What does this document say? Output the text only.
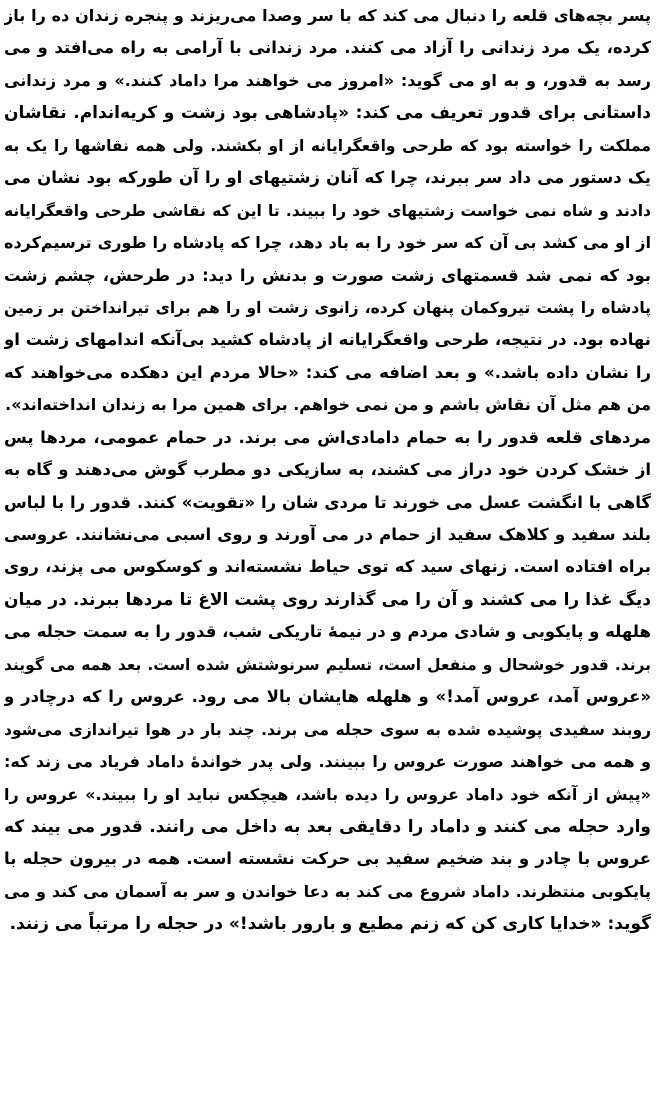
پسر بچه‌های قلعه را دنبال می کند که با سر وصدا می‌ریزند و پنجره زندان ده را باز
کرده، یک مرد زندانی را آزاد می کنند. مرد زندانی با آرامی به راه می‌افتد و می
رسد به قدور، و به او می گوید: «امروز می خواهند مرا داماد کنند.» و مرد زندانی
داستانی برای قدور تعریف می کند: «پادشاهی بود زشت و کریه‌اندام. نقاشان
مملکت را خواسته بود که طرحی واقعگرایانه از او بکشند. ولی همه نقاشها را یک به
یک دستور می داد سر ببرند، چرا که آنان زشتیهای او را آن طورکه بود نشان می
دادند و شاه نمی خواست زشتیهای خود را ببیند. تا این که نقاشی طرحی واقعگرایانه
از او می کشد بی آن که سر خود را به باد دهد، چرا که پادشاه را طوری ترسیم‌کرده
بود که نمی شد قسمتهای زشت صورت و بدنش را دید: در طرحش، چشم زشت
پادشاه را پشت تیروکمان پنهان کرده، زانوی زشت او را هم برای تیرانداختن بر زمین
نهاده بود. در نتیجه، طرحی واقعگرایانه از پادشاه کشید بی‌آنکه اندامهای زشت او
را نشان داده باشد.» و بعد اضافه می کند: «حالا مردم این دهکده می‌خواهند که
من هم مثل آن نقاش باشم و من نمی خواهم. برای همین مرا به زندان انداخته‌اند».
مردهای قلعه قدور را به حمام دامادی‌اش می برند. در حمام عمومی، مردها پس
از خشک کردن خود دراز می کشند، به سازیکی دو مطرب گوش می‌دهند و گاه به
گاهی با انگشت عسل می خورند تا مردی شان را «تقویت» کنند. قدور را با لباس
بلند سفید و کلاهک سفید از حمام در می آورند و روی اسبی می‌نشانند. عروسی
براه افتاده است. زنهای سید که توی حیاط نشسته‌اند و کوسکوس می پزند، روی
دیگ غذا را می کشند و آن را می گذارند روی پشت الاغ تا مردها ببرند. در میان
هلهله و پایکوبی و شادی مردم و در نیمهٔ تاریکی شب، قدور را به سمت حجله می
برند. قدور خوشحال و منفعل است، تسلیم سرنوشتش شده است. بعد همه می گویند
«عروس آمد، عروس آمد!» و هلهله هایشان بالا می رود. عروس را که درچادر و
روبند سفیدی پوشیده شده به سوی حجله می برند. چند بار در هوا تیراندازی می‌شود
و همه می خواهند صورت عروس را ببینند. ولی پدر خواندهٔ داماد فریاد می زند که:
«پیش از آنکه خود داماد عروس را دیده باشد، هیچکس نباید او را ببیند.» عروس را
وارد حجله می کنند و داماد را دقایقی بعد به داخل می رانند. قدور می بیند که
عروس با چادر و بند ضخیم سفید بی حرکت نشسته است. همه در بیرون حجله با
پایکوبی منتظرند. داماد شروع می کند به دعا خواندن و سر به آسمان می کند و می
گوید: «خدایا کاری کن که زنم مطیع و بارور باشد!» در حجله را مرتباً می زنند.
